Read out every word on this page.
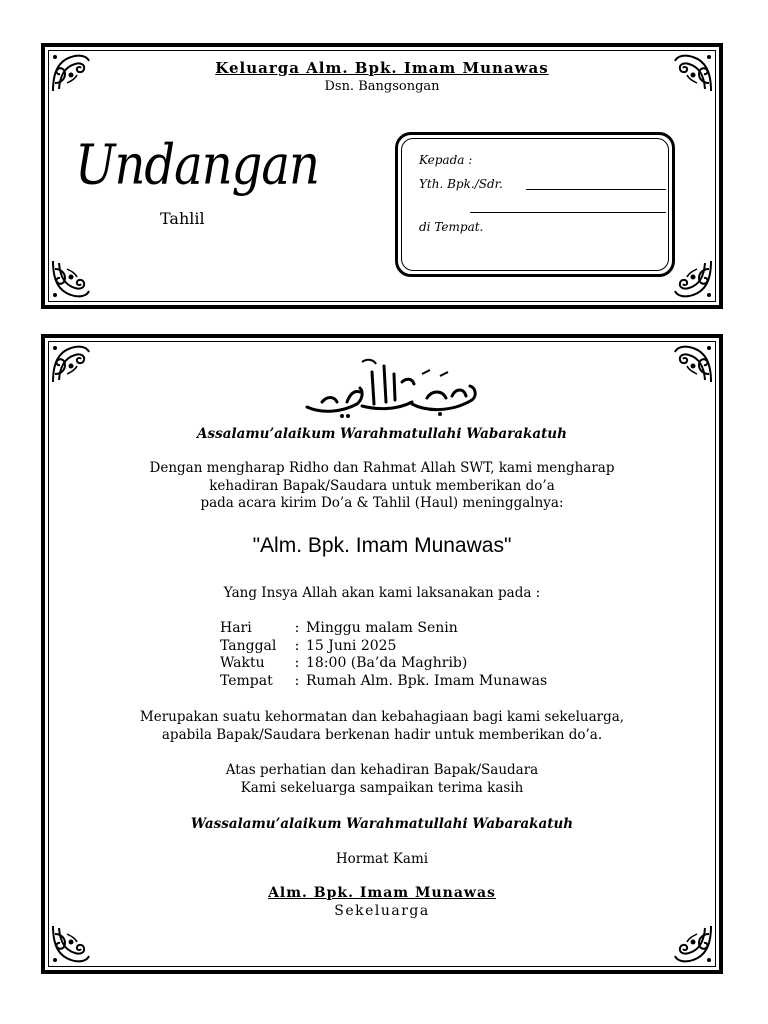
Keluarga Alm. Bpk. Imam Munawas
Dsn. Bangsongan
Undangan
Tahlil
Kepada :
Yth. Bpk./Sdr.
di Tempat.
Assalamu’alaikum Warahmatullahi Wabarakatuh
Dengan mengharap Ridho dan Rahmat Allah SWT, kami mengharap
kehadiran Bapak/Saudara untuk memberikan do’a
pada acara kirim Do’a & Tahlil (Haul) meninggalnya:
"Alm. Bpk. Imam Munawas"
Yang Insya Allah akan kami laksanakan pada :
Hari	:	Minggu malam Senin
Tanggal	:	15 Juni 2025
Waktu	:	18:00 (Ba’da Maghrib)
Tempat	:	Rumah Alm. Bpk. Imam Munawas
Merupakan suatu kehormatan dan kebahagiaan bagi kami sekeluarga,
apabila Bapak/Saudara berkenan hadir untuk memberikan do’a.
Atas perhatian dan kehadiran Bapak/Saudara
Kami sekeluarga sampaikan terima kasih
Wassalamu’alaikum Warahmatullahi Wabarakatuh
Hormat Kami
Alm. Bpk. Imam Munawas
Sekeluarga
